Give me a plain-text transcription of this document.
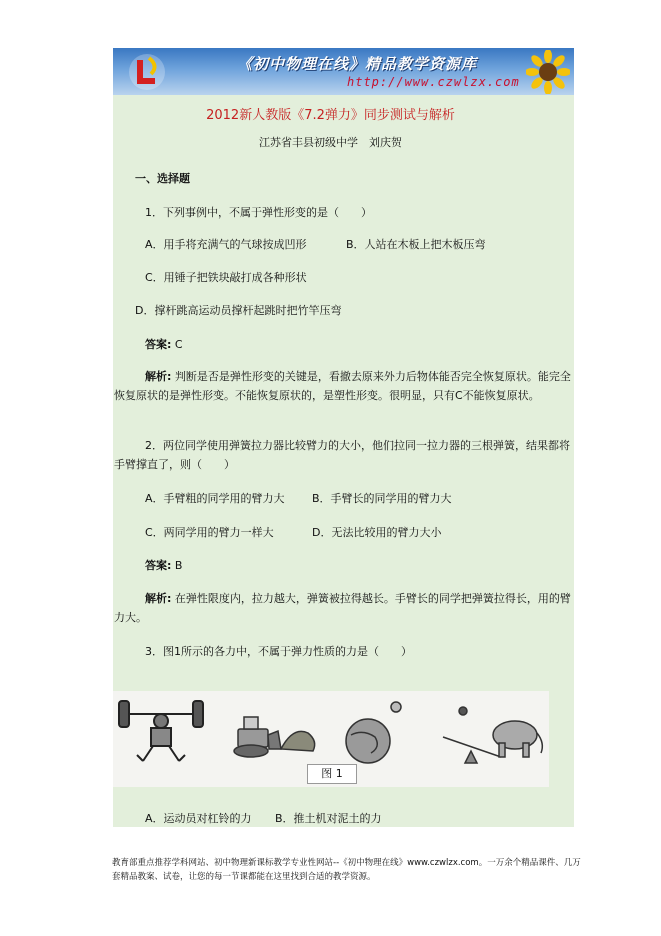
《初中物理在线》精品教学资源库
http://www.czwlzx.com
2012新人教版《7.2弹力》同步测试与解析
江苏省丰县初级中学　刘庆贺
一、选择题
1．下列事例中，不属于弹性形变的是（　　）
A．用手将充满气的气球按成凹形	B．人站在木板上把木板压弯
C．用锤子把铁块敲打成各种形状
D．撑杆跳高运动员撑杆起跳时把竹竿压弯
答案: C
解析: 判断是否是弹性形变的关键是，看撤去原来外力后物体能否完全恢复原状。能完全恢复原状的是弹性形变。不能恢复原状的，是塑性形变。很明显，只有C不能恢复原状。
2．两位同学使用弹簧拉力器比较臂力的大小，他们拉同一拉力器的三根弹簧，结果都将手臂撑直了，则（　　）
A．手臂粗的同学用的臂力大 B．手臂长的同学用的臂力大
C．两同学用的臂力一样大	D．无法比较用的臂力大小
答案: B
解析: 在弹性限度内，拉力越大，弹簧被拉得越长。手臂长的同学把弹簧拉得长，用的臂力大。
3．图1所示的各力中，不属于弹力性质的力是（　　）
图 1
A．运动员对杠铃的力 B．推土机对泥土的力
教育部重点推荐学科网站、初中物理新课标教学专业性网站--《初中物理在线》www.czwlzx.com。一万余个精品课件、几万套精品教案、试卷，让您的每一节课都能在这里找到合适的教学资源。
